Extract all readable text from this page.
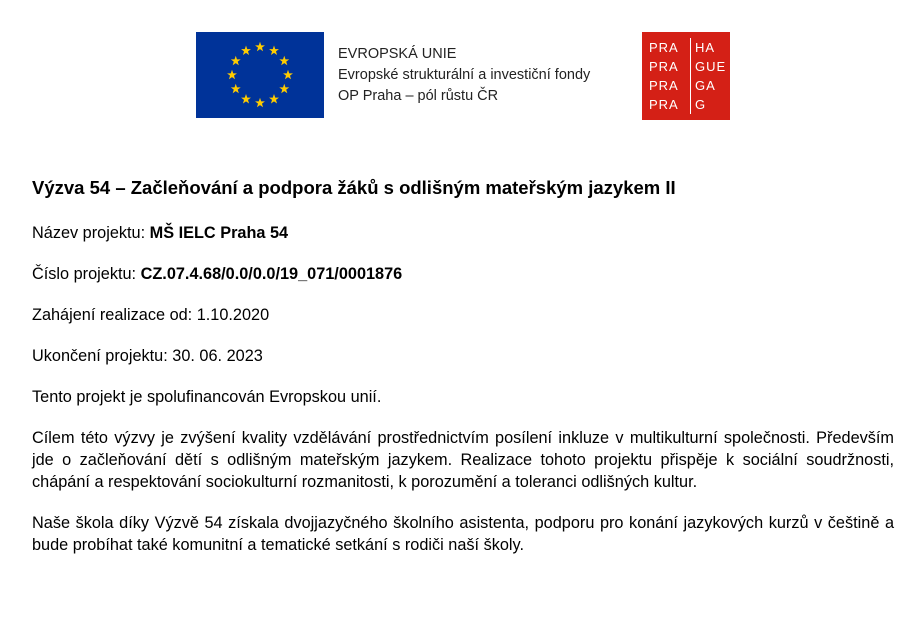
EVROPSKÁ UNIE
Evropské strukturální a investiční fondy
OP Praha – pól růstu ČR
PRA	HA
PRA	GUE
PRA	GA
PRA	G
Výzva 54 – Začleňování a podpora žáků s odlišným mateřským jazykem II
Název projektu: MŠ IELC Praha 54
Číslo projektu: CZ.07.4.68/0.0/0.0/19_071/0001876
Zahájení realizace od: 1.10.2020
Ukončení projektu: 30. 06. 2023
Tento projekt je spolufinancován Evropskou unií.
Cílem této výzvy je zvýšení kvality vzdělávání prostřednictvím posílení inkluze v multikulturní společnosti. Především jde o začleňování dětí s odlišným mateřským jazykem. Realizace tohoto projektu přispěje k sociální soudržnosti, chápání a respektování sociokulturní rozmanitosti, k porozumění a toleranci odlišných kultur.
Naše škola díky Výzvě 54 získala dvojjazyčného školního asistenta, podporu pro konání jazykových kurzů v češtině a bude probíhat také komunitní a tematické setkání s rodiči naší školy.
